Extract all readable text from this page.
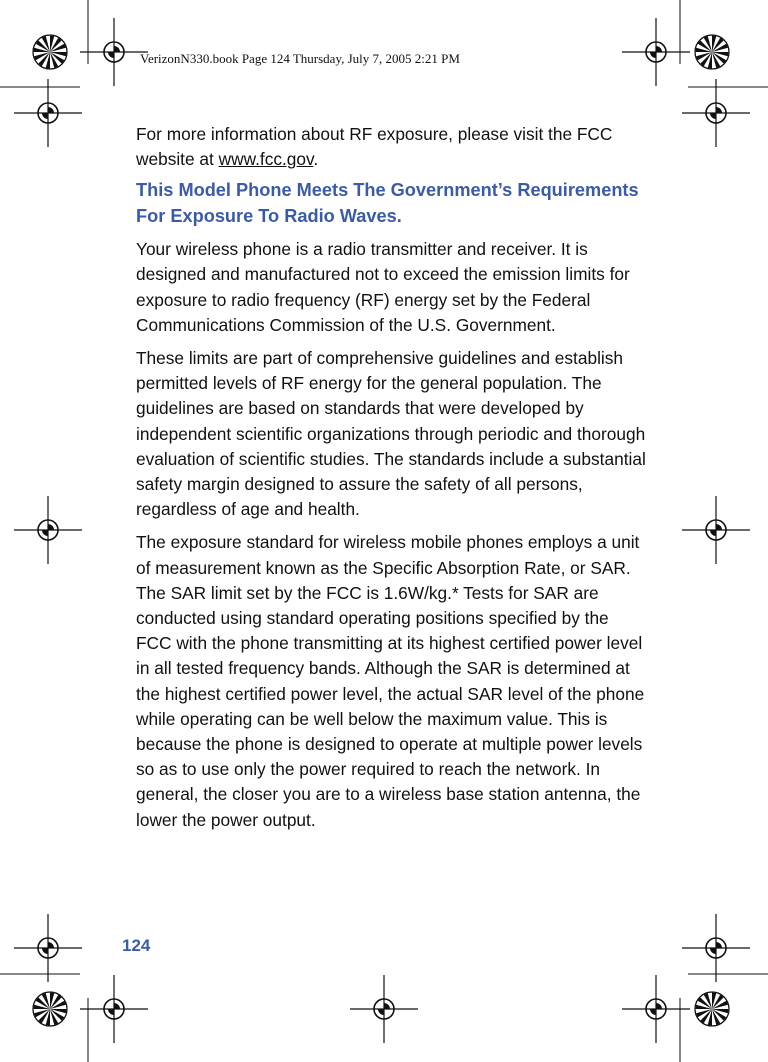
VerizonN330.book Page 124 Thursday, July 7, 2005 2:21 PM

For more information about RF exposure, please visit the FCC website at www.fcc.gov.

This Model Phone Meets The Government’s Requirements For Exposure To Radio Waves.

Your wireless phone is a radio transmitter and receiver. It is designed and manufactured not to exceed the emission limits for exposure to radio frequency (RF) energy set by the Federal Communications Commission of the U.S. Government.

These limits are part of comprehensive guidelines and establish permitted levels of RF energy for the general population. The guidelines are based on standards that were developed by independent scientific organizations through periodic and thorough evaluation of scientific studies. The standards include a substantial safety margin designed to assure the safety of all persons, regardless of age and health.

The exposure standard for wireless mobile phones employs a unit of measurement known as the Specific Absorption Rate, or SAR. The SAR limit set by the FCC is 1.6W/kg.* Tests for SAR are conducted using standard operating positions specified by the FCC with the phone transmitting at its highest certified power level in all tested frequency bands. Although the SAR is determined at the highest certified power level, the actual SAR level of the phone while operating can be well below the maximum value. This is because the phone is designed to operate at multiple power levels so as to use only the power required to reach the network. In general, the closer you are to a wireless base station antenna, the lower the power output.

124
